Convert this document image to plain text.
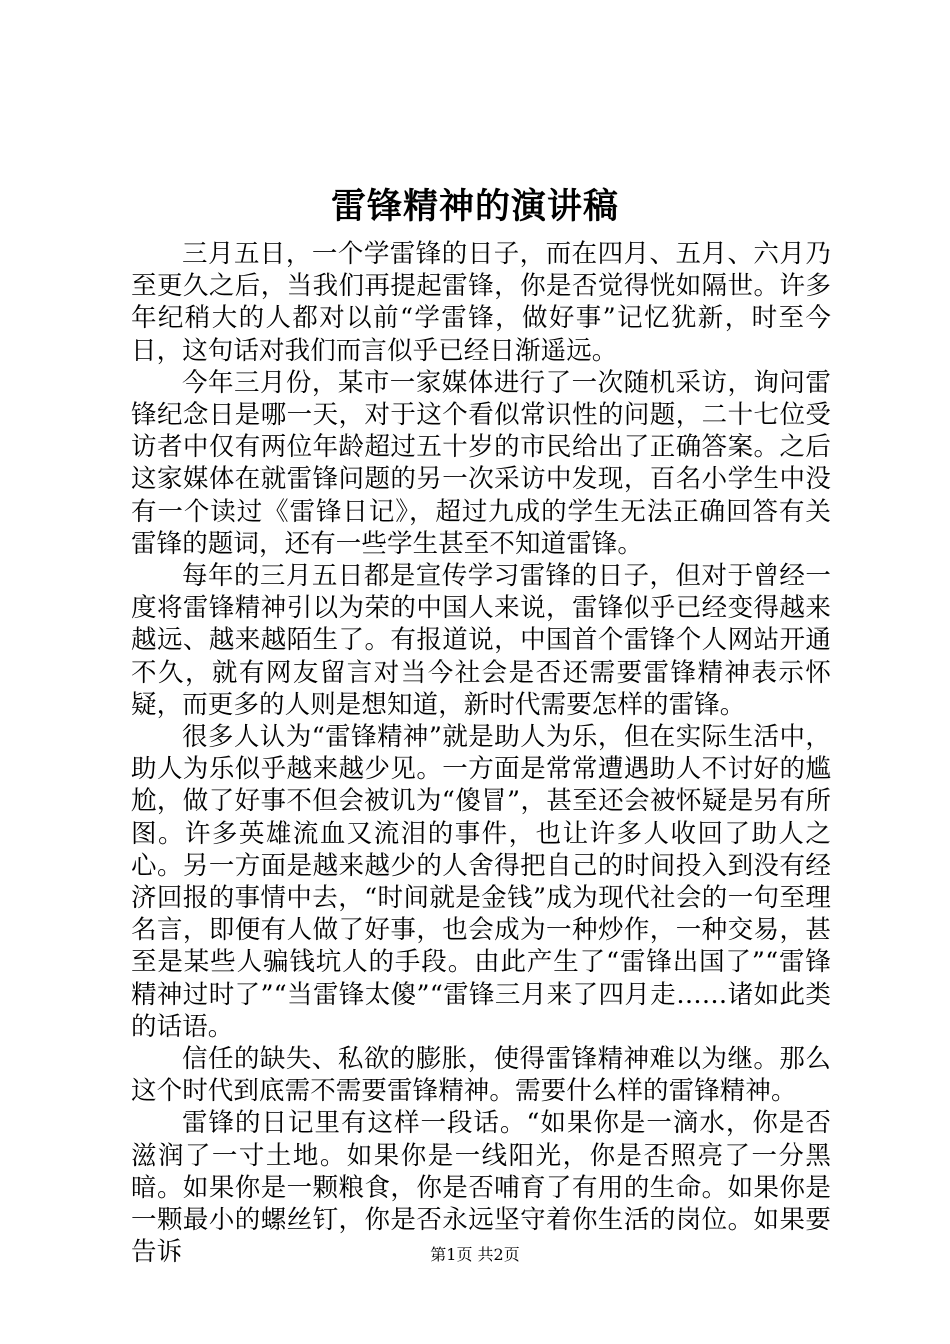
雷锋精神的演讲稿

三月五日，一个学雷锋的日子，而在四月、五月、六月乃至更久之后，当我们再提起雷锋，你是否觉得恍如隔世。许多年纪稍大的人都对以前“学雷锋，做好事”记忆犹新，时至今日，这句话对我们而言似乎已经日渐遥远。

今年三月份，某市一家媒体进行了一次随机采访，询问雷锋纪念日是哪一天，对于这个看似常识性的问题，二十七位受访者中仅有两位年龄超过五十岁的市民给出了正确答案。之后这家媒体在就雷锋问题的另一次采访中发现，百名小学生中没有一个读过《雷锋日记》，超过九成的学生无法正确回答有关雷锋的题词，还有一些学生甚至不知道雷锋。

每年的三月五日都是宣传学习雷锋的日子，但对于曾经一度将雷锋精神引以为荣的中国人来说，雷锋似乎已经变得越来越远、越来越陌生了。有报道说，中国首个雷锋个人网站开通不久，就有网友留言对当今社会是否还需要雷锋精神表示怀疑，而更多的人则是想知道，新时代需要怎样的雷锋。

很多人认为“雷锋精神”就是助人为乐，但在实际生活中，助人为乐似乎越来越少见。一方面是常常遭遇助人不讨好的尴尬，做了好事不但会被讥为“傻冒”，甚至还会被怀疑是另有所图。许多英雄流血又流泪的事件，也让许多人收回了助人之心。另一方面是越来越少的人舍得把自己的时间投入到没有经济回报的事情中去，“时间就是金钱”成为现代社会的一句至理名言，即便有人做了好事，也会成为一种炒作，一种交易，甚至是某些人骗钱坑人的手段。由此产生了“雷锋出国了”“雷锋精神过时了”“当雷锋太傻”“雷锋三月来了四月走……诸如此类的话语。

信任的缺失、私欲的膨胀，使得雷锋精神难以为继。那么这个时代到底需不需要雷锋精神。需要什么样的雷锋精神。

雷锋的日记里有这样一段话。“如果你是一滴水，你是否滋润了一寸土地。如果你是一线阳光，你是否照亮了一分黑暗。如果你是一颗粮食，你是否哺育了有用的生命。如果你是一颗最小的螺丝钉，你是否永远坚守着你生活的岗位。如果要告诉	第1页 共2页
